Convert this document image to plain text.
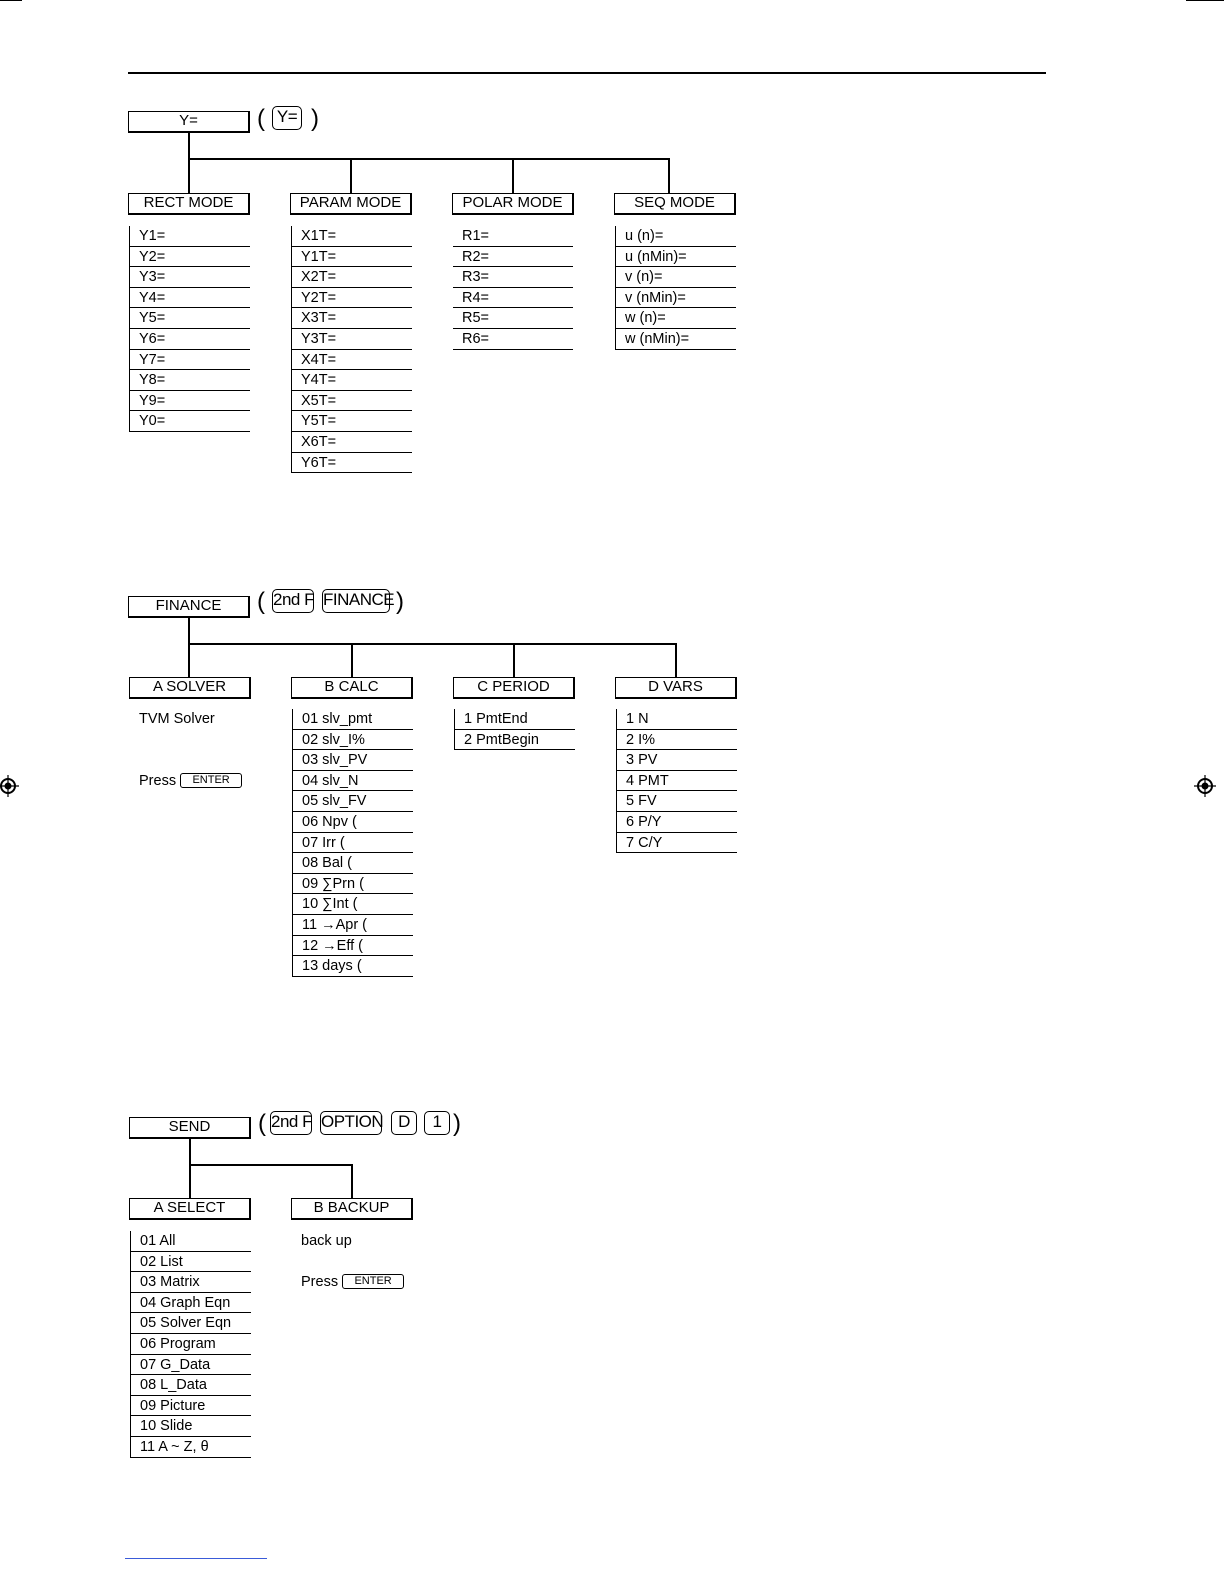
Y=	( Y= )
RECT MODE	PARAM MODE	POLAR MODE	SEQ MODE
Y1=
Y2=
Y3=
Y4=
Y5=
Y6=
Y7=
Y8=
Y9=
Y0=
X1T=
Y1T=
X2T=
Y2T=
X3T=
Y3T=
X4T=
Y4T=
X5T=
Y5T=
X6T=
Y6T=
R1=
R2=
R3=
R4=
R5=
R6=
u (n)=
u (nMin)=
v (n)=
v (nMin)=
w (n)=
w (nMin)=
FINANCE	( 2nd F FINANCE )
A SOLVER	B CALC	C PERIOD	D VARS
TVM Solver
Press ENTER
01 slv_pmt
02 slv_I%
03 slv_PV
04 slv_N
05 slv_FV
06 Npv (
07 Irr (
08 Bal (
09 ∑Prn (
10 ∑Int (
11 →Apr (
12 →Eff (
13 days (
1 PmtEnd
2 PmtBegin
1 N
2 I%
3 PV
4 PMT
5 FV
6 P/Y
7 C/Y
SEND	( 2nd F OPTION D	1 )
A SELECT	B BACKUP
01 All
02 List
03 Matrix
04 Graph Eqn
05 Solver Eqn
06 Program
07 G_Data
08 L_Data
09 Picture
10 Slide
11 A ~ Z, θ
back up
Press ENTER
